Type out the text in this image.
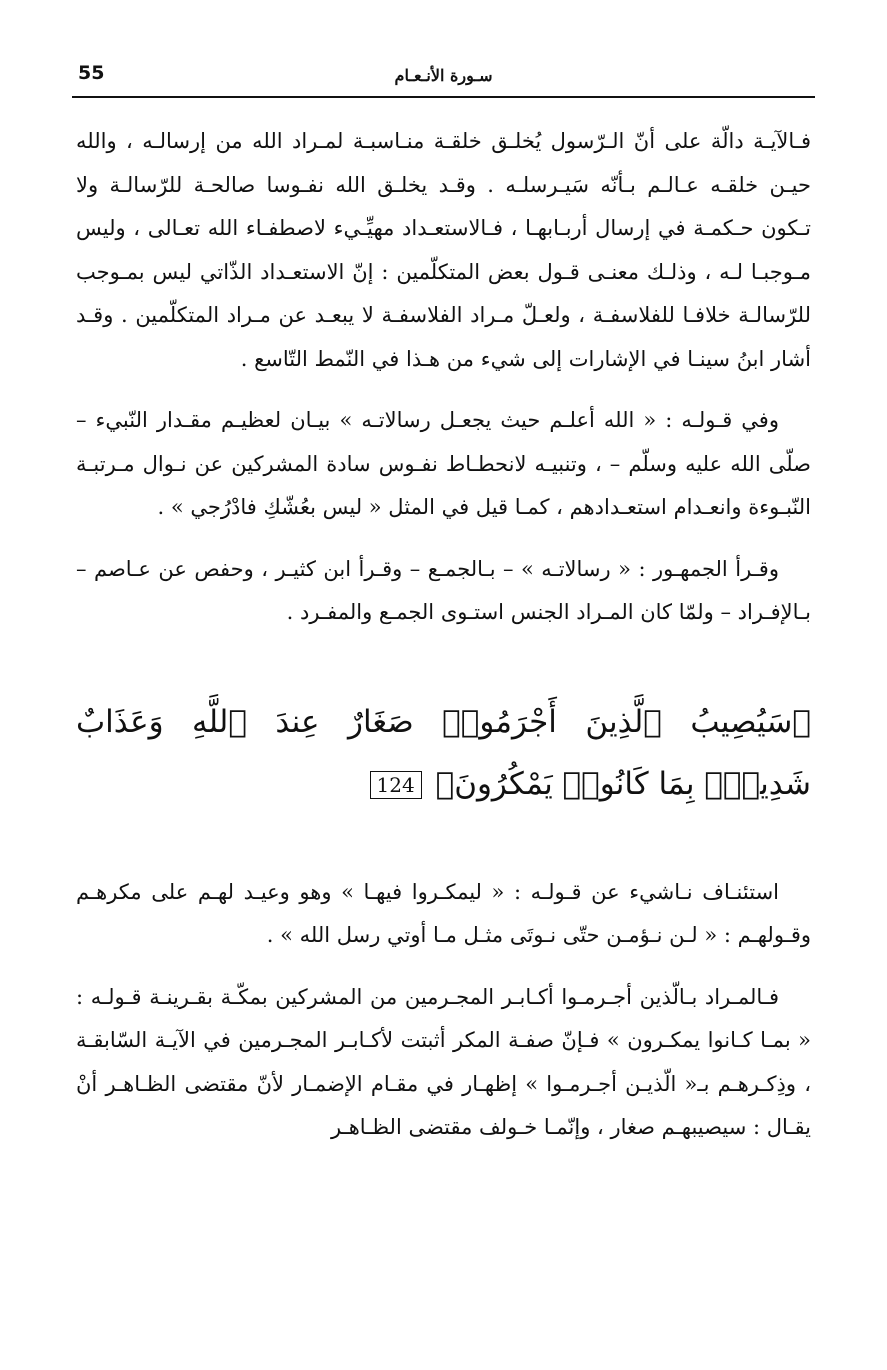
55	سـورة الأنـعـام

فـالآيـة دالّة على أنّ الـرّسول يُخلـق خلقـة منـاسبـة لمـراد الله من إرسالـه ، والله حيـن خلقـه عـالـم بـأنّه سَيـرسلـه . وقـد يخلـق الله نفـوسا صالحـة للرّسالـة ولا تـكون حـكمـة في إرسال أربـابهـا ، فـالاستعـداد مهيِّـيء لاصطفـاء الله تعـالى ، وليس مـوجبـا لـه ، وذلـك معنـى قـول بعض المتكلّمين : إنّ الاستعـداد الذّاتي ليس بمـوجب للرّسالـة خلافـا للفلاسفـة ، ولعـلّ مـراد الفلاسفـة لا يبعـد عن مـراد المتكلّمين . وقـد أشار ابنُ سينـا في الإشارات إلى شيء من هـذا في النّمط التّاسع .

وفي قـولـه : « الله أعلـم حيث يجعـل رسالاتـه » بيـان لعظيـم مقـدار النّبيء – صلّى الله عليه وسلّم – ، وتنبيـه لانحطـاط نفـوس سادة المشركين عن نـوال مـرتبـة النّبـوءة وانعـدام استعـدادهم ، كمـا قيل في المثل « ليس بعُشّكِ فادْرُجي » .

وقـرأ الجمهـور : « رسالاتـه » – بـالجمـع – وقـرأ ابن كثيـر ، وحفص عن عـاصم – بـالإفـراد – ولمّا كان المـراد الجنس استـوى الجمـع والمفـرد .

﴿سَيُصِيبُ ٱلَّذِينَ أَجْرَمُوا۟ صَغَارٌ عِندَ ٱللَّهِ وَعَذَابٌ شَدِيدٌۢ بِمَا كَانُوا۟ يَمْكُرُونَ﴾ 124

استئنـاف نـاشيء عن قـولـه : « ليمكـروا فيهـا » وهو وعيـد لهـم على مكرهـم وقـولهـم : « لـن نـؤمـن حتّى نـوتَى مثـل مـا أوتي رسل الله » .

فـالمـراد بـالّذين أجـرمـوا أكـابـر المجـرمين من المشركين بمكّـة بقـرينـة قـولـه : « بمـا كـانوا يمكـرون » فـإنّ صفـة المكر أثبتت لأكـابـر المجـرمين في الآيـة السّابقـة ، وذِكـرهـم بـ« الّذيـن أجـرمـوا » إظهـار في مقـام الإضمـار لأنّ مقتضى الظـاهـر أنْ يقـال : سيصيبهـم صغار ، وإنّمـا خـولف مقتضى الظـاهـر
